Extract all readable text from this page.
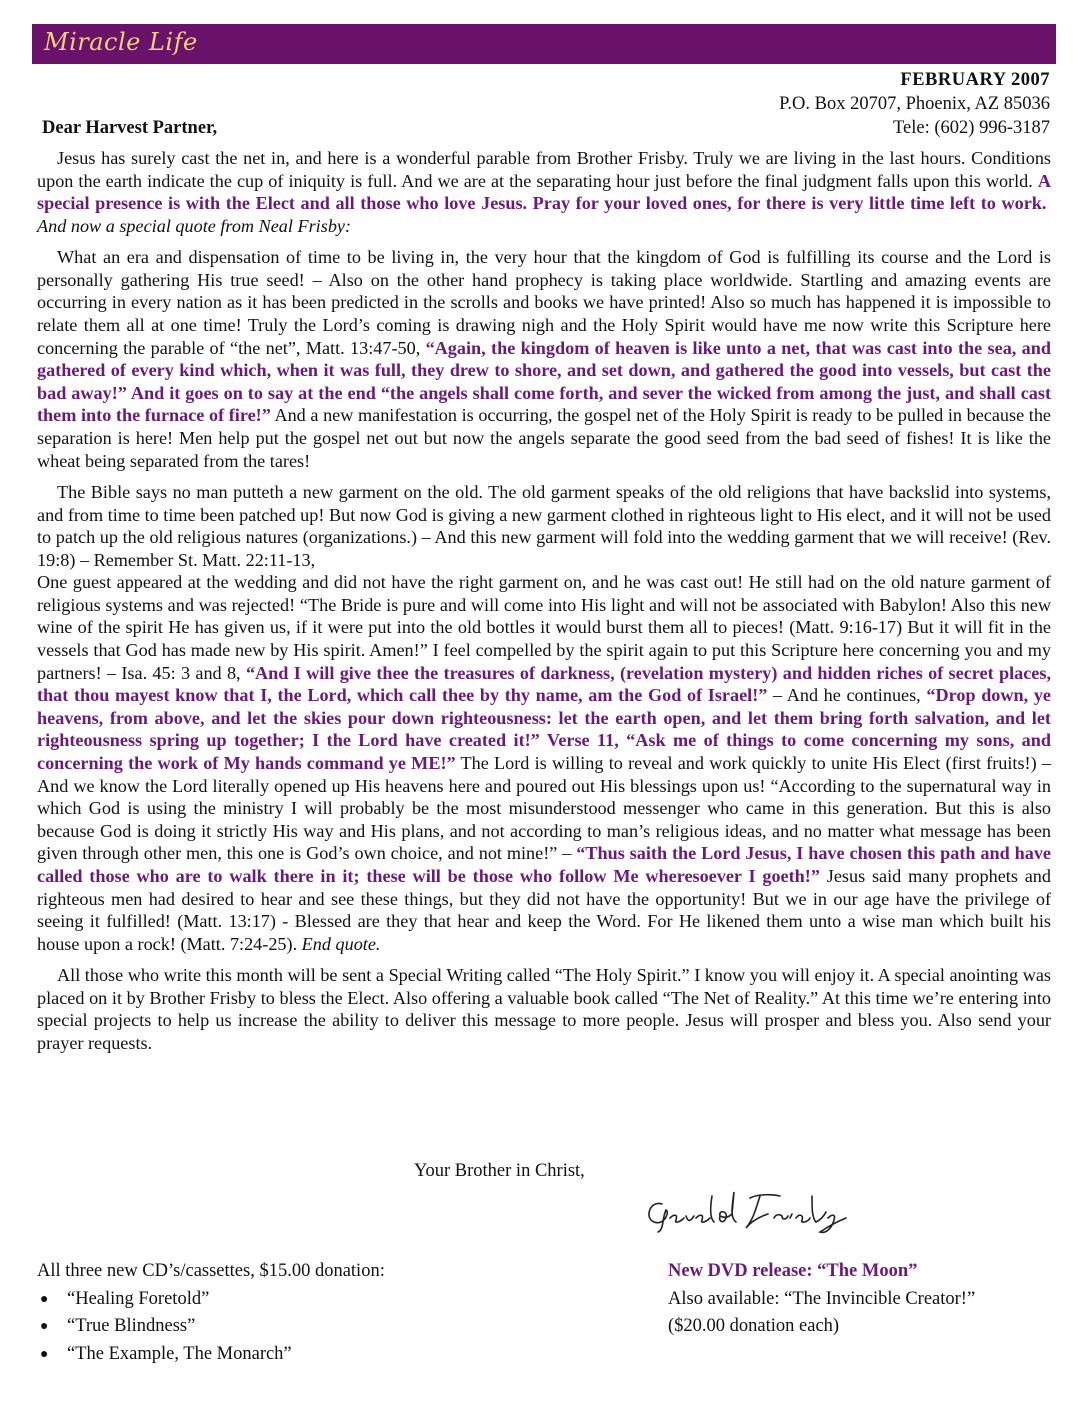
Miracle Life
FEBRUARY 2007
P.O. Box 20707, Phoenix, AZ 85036
Tele: (602) 996-3187
Dear Harvest Partner,

Jesus has surely cast the net in, and here is a wonderful parable from Brother Frisby. Truly we are living in the last hours. Conditions upon the earth indicate the cup of iniquity is full. And we are at the separating hour just before the final judgment falls upon this world. A special presence is with the Elect and all those who love Jesus. Pray for your loved ones, for there is very little time left to work.  And now a special quote from Neal Frisby:

What an era and dispensation of time to be living in, the very hour that the kingdom of God is fulfilling its course and the Lord is personally gathering His true seed! – Also on the other hand prophecy is taking place worldwide. Startling and amazing events are occurring in every nation as it has been predicted in the scrolls and books we have printed! Also so much has happened it is impossible to relate them all at one time! Truly the Lord’s coming is drawing nigh and the Holy Spirit would have me now write this Scripture here concerning the parable of “the net”, Matt. 13:47-50, “Again, the kingdom of heaven is like unto a net, that was cast into the sea, and gathered of every kind which, when it was full, they drew to shore, and set down, and gathered the good into vessels, but cast the bad away!” And it goes on to say at the end “the angels shall come forth, and sever the wicked from among the just, and shall cast them into the furnace of fire!” And a new manifestation is occurring, the gospel net of the Holy Spirit is ready to be pulled in because the separation is here! Men help put the gospel net out but now the angels separate the good seed from the bad seed of fishes! It is like the wheat being separated from the tares!

The Bible says no man putteth a new garment on the old. The old garment speaks of the old religions that have backslid into systems, and from time to time been patched up! But now God is giving a new garment clothed in righteous light to His elect, and it will not be used to patch up the old religious natures (organizations.) – And this new garment will fold into the wedding garment that we will receive! (Rev. 19:8) – Remember St. Matt. 22:11-13,

One guest appeared at the wedding and did not have the right garment on, and he was cast out! He still had on the old nature garment of religious systems and was rejected! “The Bride is pure and will come into His light and will not be associated with Babylon! Also this new wine of the spirit He has given us, if it were put into the old bottles it would burst them all to pieces! (Matt. 9:16-17) But it will fit in the vessels that God has made new by His spirit. Amen!” I feel compelled by the spirit again to put this Scripture here concerning you and my partners! – Isa. 45: 3 and 8, “And I will give thee the treasures of darkness, (revelation mystery) and hidden riches of secret places, that thou mayest know that I, the Lord, which call thee by thy name, am the God of Israel!” – And he continues, “Drop down, ye heavens, from above, and let the skies pour down righteousness: let the earth open, and let them bring forth salvation, and let righteousness spring up together; I the Lord have created it!” Verse 11, “Ask me of things to come concerning my sons, and concerning the work of My hands command ye ME!” The Lord is willing to reveal and work quickly to unite His Elect (first fruits!) – And we know the Lord literally opened up His heavens here and poured out His blessings upon us! “According to the supernatural way in which God is using the ministry I will probably be the most misunderstood messenger who came in this generation. But this is also because God is doing it strictly His way and His plans, and not according to man’s religious ideas, and no matter what message has been given through other men, this one is God’s own choice, and not mine!” – “Thus saith the Lord Jesus, I have chosen this path and have called those who are to walk there in it; these will be those who follow Me wheresoever I goeth!” Jesus said many prophets and righteous men had desired to hear and see these things, but they did not have the opportunity! But we in our age have the privilege of seeing it fulfilled! (Matt. 13:17) - Blessed are they that hear and keep the Word. For He likened them unto a wise man which built his house upon a rock! (Matt. 7:24-25). End quote.

All those who write this month will be sent a Special Writing called “The Holy Spirit.” I know you will enjoy it. A special anointing was placed on it by Brother Frisby to bless the Elect. Also offering a valuable book called “The Net of Reality.” At this time we’re entering into special projects to help us increase the ability to deliver this message to more people. Jesus will prosper and bless you. Also send your prayer requests.

Your Brother in Christ,
All three new CD’s/cassettes, $15.00 donation:
● “Healing Foretold”
● “True Blindness”
● “The Example, The Monarch”
New DVD release: “The Moon”
Also available: “The Invincible Creator!”
($20.00 donation each)
